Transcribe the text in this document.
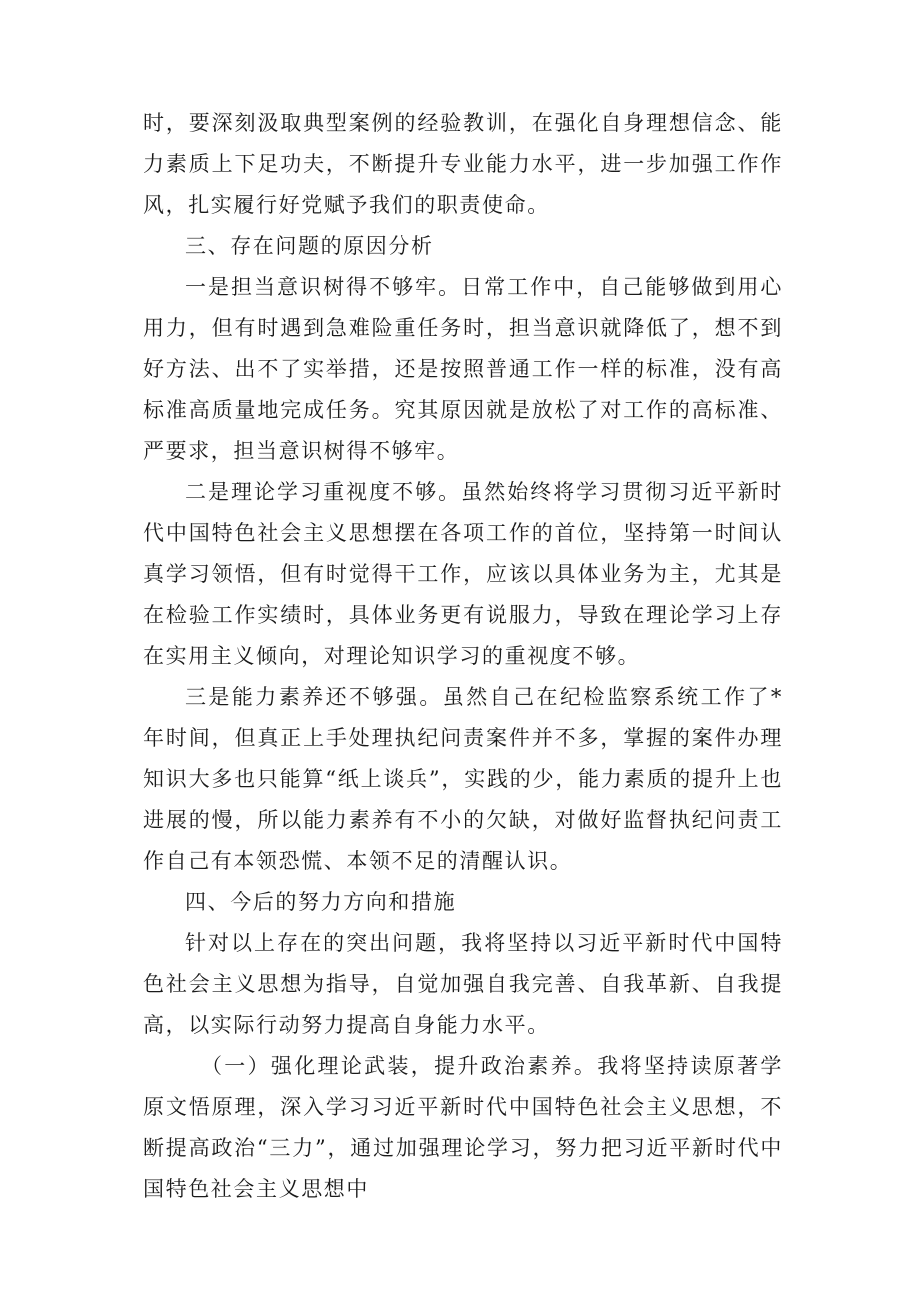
时，要深刻汲取典型案例的经验教训，在强化自身理想信念、能力素质上下足功夫，不断提升专业能力水平，进一步加强工作作风，扎实履行好党赋予我们的职责使命。

三、存在问题的原因分析

一是担当意识树得不够牢。日常工作中，自己能够做到用心用力，但有时遇到急难险重任务时，担当意识就降低了，想不到好方法、出不了实举措，还是按照普通工作一样的标准，没有高标准高质量地完成任务。究其原因就是放松了对工作的高标准、严要求，担当意识树得不够牢。

二是理论学习重视度不够。虽然始终将学习贯彻习近平新时代中国特色社会主义思想摆在各项工作的首位，坚持第一时间认真学习领悟，但有时觉得干工作，应该以具体业务为主，尤其是在检验工作实绩时，具体业务更有说服力，导致在理论学习上存在实用主义倾向，对理论知识学习的重视度不够。

三是能力素养还不够强。虽然自己在纪检监察系统工作了*年时间，但真正上手处理执纪问责案件并不多，掌握的案件办理知识大多也只能算“纸上谈兵”，实践的少，能力素质的提升上也进展的慢，所以能力素养有不小的欠缺，对做好监督执纪问责工作自己有本领恐慌、本领不足的清醒认识。

四、今后的努力方向和措施

针对以上存在的突出问题，我将坚持以习近平新时代中国特色社会主义思想为指导，自觉加强自我完善、自我革新、自我提高，以实际行动努力提高自身能力水平。

（一）强化理论武装，提升政治素养。我将坚持读原著学原文悟原理，深入学习习近平新时代中国特色社会主义思想，不断提高政治“三力”，通过加强理论学习，努力把习近平新时代中国特色社会主义思想中
